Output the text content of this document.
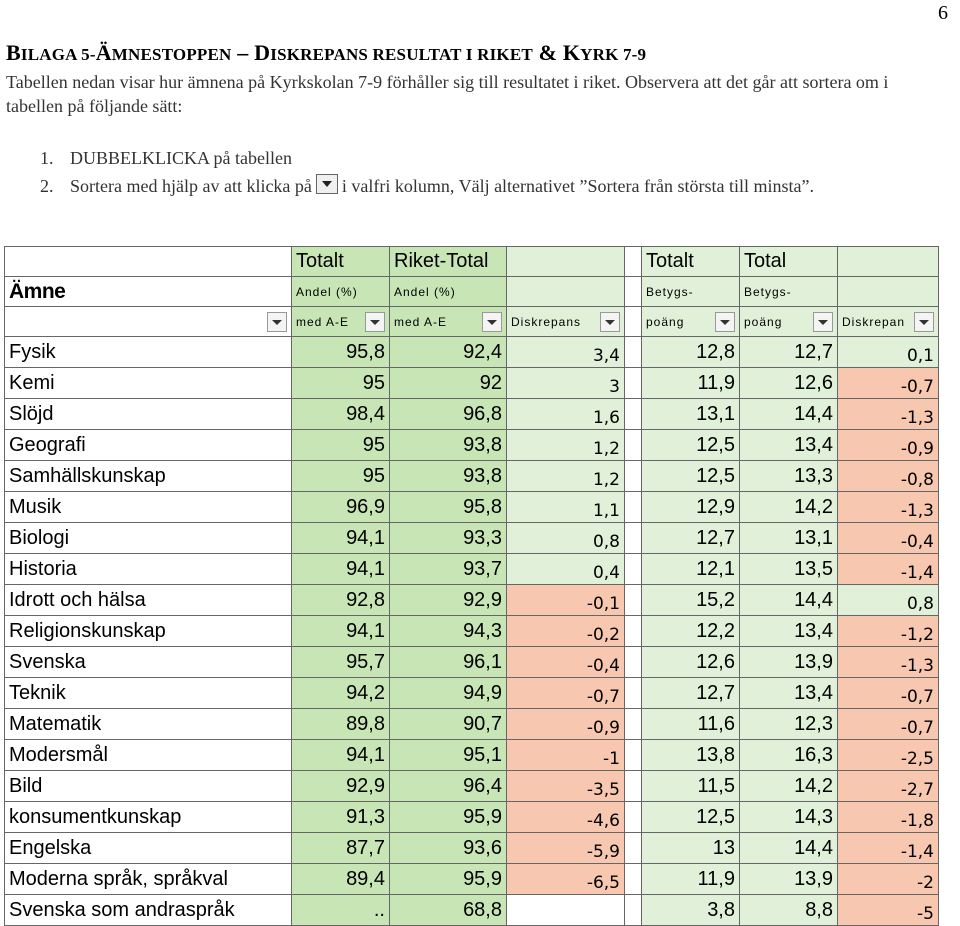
6
BILAGA 5-ÄMNESTOPPEN – DISKREPANS RESULTAT I RIKET & KYRK 7-9
Tabellen nedan visar hur ämnena på Kyrkskolan 7-9 förhåller sig till resultatet i riket. Observera att det går att sortera om i tabellen på följande sätt:
1. DUBBELKLICKA på tabellen
2. Sortera med hjälp av att klicka på i valfri kolumn, Välj alternativet ”Sortera från största till minsta”.
	Totalt	Riket-Total			Totalt	Total	
Ämne	Andel (%)	Andel (%)			Betygs-	Betygs-	

	med A-E	med A-E	Diskrepans		poäng	poäng	Diskrepan

Fysik	95,8	92,4	3,4		12,8	12,7	0,1
Kemi	95	92	3		11,9	12,6	-0,7
Slöjd	98,4	96,8	1,6		13,1	14,4	-1,3
Geografi	95	93,8	1,2		12,5	13,4	-0,9
Samhällskunskap	95	93,8	1,2		12,5	13,3	-0,8
Musik	96,9	95,8	1,1		12,9	14,2	-1,3
Biologi	94,1	93,3	0,8		12,7	13,1	-0,4
Historia	94,1	93,7	0,4		12,1	13,5	-1,4
Idrott och hälsa	92,8	92,9	-0,1		15,2	14,4	0,8
Religionskunskap	94,1	94,3	-0,2		12,2	13,4	-1,2
Svenska	95,7	96,1	-0,4		12,6	13,9	-1,3
Teknik	94,2	94,9	-0,7		12,7	13,4	-0,7
Matematik	89,8	90,7	-0,9		11,6	12,3	-0,7
Modersmål	94,1	95,1	-1		13,8	16,3	-2,5
Bild	92,9	96,4	-3,5		11,5	14,2	-2,7
konsumentkunskap	91,3	95,9	-4,6		12,5	14,3	-1,8
Engelska	87,7	93,6	-5,9		13	14,4	-1,4
Moderna språk, språkval	89,4	95,9	-6,5		11,9	13,9	-2
Svenska som andraspråk	..	68,8			3,8	8,8	-5
